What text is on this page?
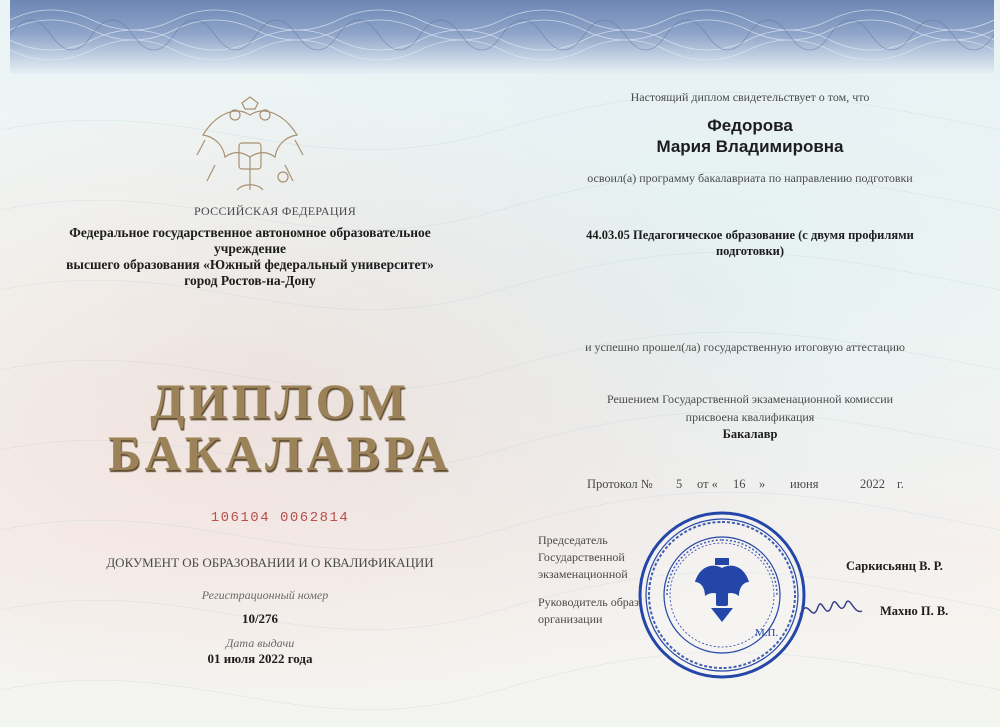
РОССИЙСКАЯ ФЕДЕРАЦИЯ
Федеральное государственное автономное образовательное учреждение
высшего образования «Южный федеральный университет»
город Ростов-на-Дону
ДИПЛОМ
БАКАЛАВРА
106104 0062814
ДОКУМЕНТ ОБ ОБРАЗОВАНИИ И О КВАЛИФИКАЦИИ
Регистрационный номер
10/276
Дата выдачи
01 июля 2022 года
Настоящий диплом свидетельствует о том, что
Федорова
Мария Владимировна
освоил(а) программу бакалавриата по направлению подготовки
44.03.05 Педагогическое образование (с двумя профилями
подготовки)
и успешно прошел(ла) государственную итоговую аттестацию
Решением Государственной экзаменационной комиссии
присвоена квалификация
Бакалавр
Протокол № 5 от « 16 » июня	2022 г.
Председатель
Государственной
экзаменационной
Саркисьянц В. Р.
Руководитель образ
организации
Махно П. В.
М.П.
